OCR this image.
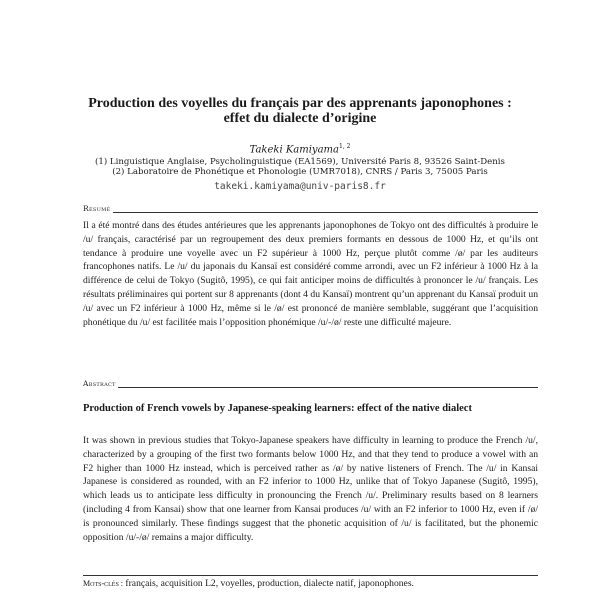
Production des voyelles du français par des apprenants japonophones : effet du dialecte d’origine
Takeki Kamiyama$^{1, 2}$
(1) Linguistique Anglaise, Psycholinguistique (EA1569), Université Paris 8, 93526 Saint-Denis
(2) Laboratoire de Phonétique et Phonologie (UMR7018), CNRS / Paris 3, 75005 Paris
takeki.kamiyama@univ-paris8.fr
Résumé

Il a été montré dans des études antérieures que les apprenants japonophones de Tokyo ont des difficultés à produire le /u/ français, caractérisé par un regroupement des deux premiers formants en dessous de 1000 Hz, et qu’ils ont tendance à produire une voyelle avec un F2 supérieur à 1000 Hz, perçue plutôt comme /ø/ par les auditeurs francophones natifs. Le /u/ du japonais du Kansaï est considéré comme arrondi, avec un F2 inférieur à 1000 Hz à la différence de celui de Tokyo (Sugitô, 1995), ce qui fait anticiper moins de difficultés à prononcer le /u/ français. Les résultats préliminaires qui portent sur 8 apprenants (dont 4 du Kansaï) montrent qu’un apprenant du Kansaï produit un /u/ avec un F2 inférieur à 1000 Hz, même si le /ø/ est prononcé de manière semblable, suggérant que l’acquisition phonétique du /u/ est facilitée mais l’opposition phonémique /u/-/ø/ reste une difficulté majeure.

Abstract
Production of French vowels by Japanese-speaking learners: effect of the native dialect

It was shown in previous studies that Tokyo-Japanese speakers have difficulty in learning to produce the French /u/, characterized by a grouping of the first two formants below 1000 Hz, and that they tend to produce a vowel with an F2 higher than 1000 Hz instead, which is perceived rather as /ø/ by native listeners of French. The /u/ in Kansai Japanese is considered as rounded, with an F2 inferior to 1000 Hz, unlike that of Tokyo Japanese (Sugitô, 1995), which leads us to anticipate less difficulty in pronouncing the French /u/. Preliminary results based on 8 learners (including 4 from Kansai) show that one learner from Kansai produces /u/ with an F2 inferior to 1000 Hz, even if /ø/ is pronounced similarly. These findings suggest that the phonetic acquisition of /u/ is facilitated, but the phonemic opposition /u/-/ø/ remains a major difficulty.

Mots-clés : français, acquisition L2, voyelles, production, dialecte natif, japonophones.
